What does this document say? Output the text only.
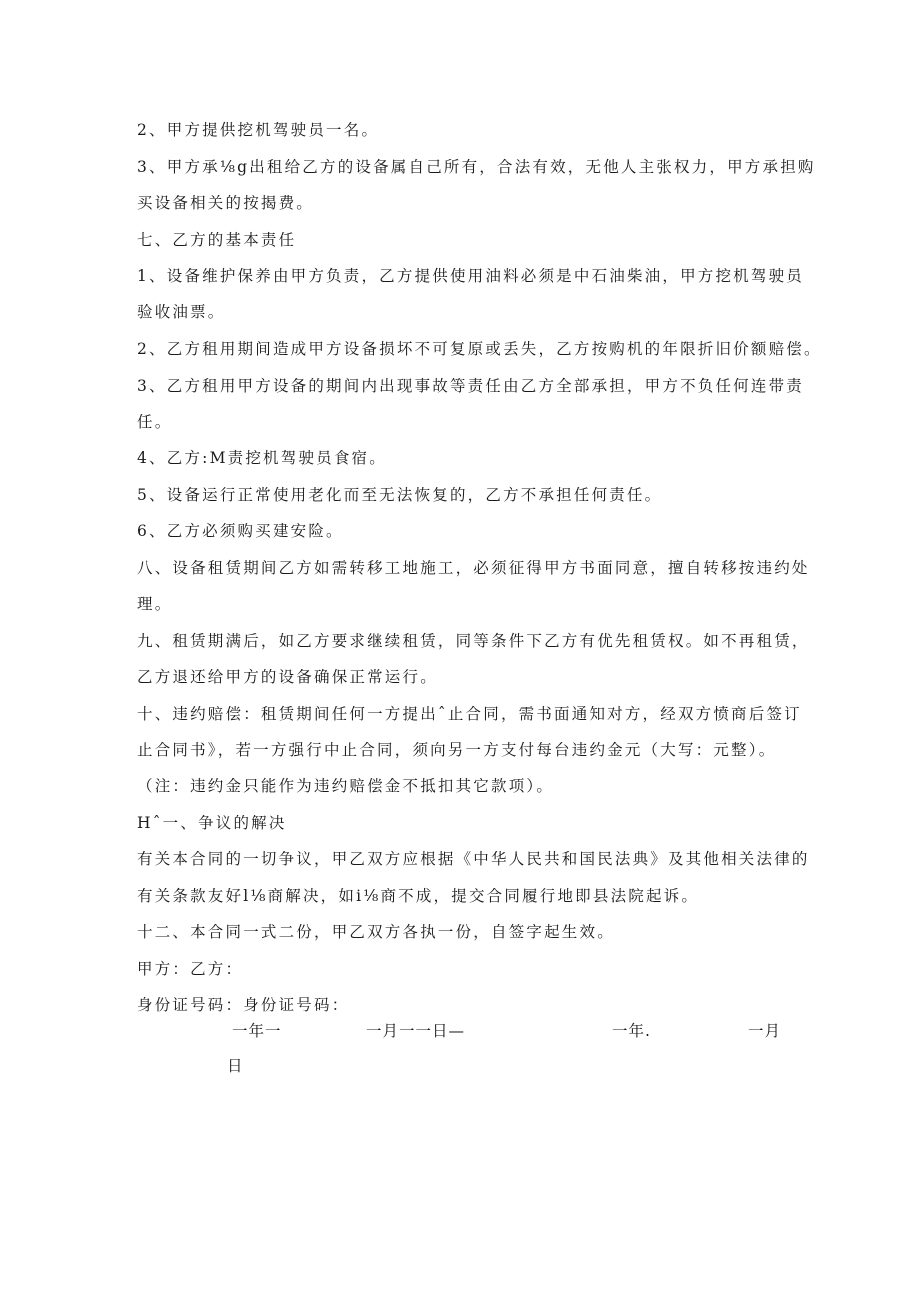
2、甲方提供挖机驾驶员一名。
3、甲方承⅛g出租给乙方的设备属自己所有，合法有效，无他人主张权力，甲方承担购
买设备相关的按揭费。
七、乙方的基本责任
1、设备维护保养由甲方负责，乙方提供使用油料必须是中石油柴油，甲方挖机驾驶员
验收油票。
2、乙方租用期间造成甲方设备损坏不可复原或丢失，乙方按购机的年限折旧价额赔偿。
3、乙方租用甲方设备的期间内出现事故等责任由乙方全部承担，甲方不负任何连带责
任。
4、乙方:M责挖机驾驶员食宿。
5、设备运行正常使用老化而至无法恢复的，乙方不承担任何责任。
6、乙方必须购买建安险。
八、设备租赁期间乙方如需转移工地施工，必须征得甲方书面同意，擅自转移按违约处
理。
九、租赁期满后，如乙方要求继续租赁，同等条件下乙方有优先租赁权。如不再租赁，
乙方退还给甲方的设备确保正常运行。
十、违约赔偿：租赁期间任何一方提出ˆ止合同，需书面通知对方，经双方愤商后签订
止合同书》，若一方强行中止合同，须向另一方支付每台违约金元（大写：元整）。
（注：违约金只能作为违约赔偿金不抵扣其它款项）。
Hˆ一、争议的解决
有关本合同的一切争议，甲乙双方应根据《中华人民共和国民法典》及其他相关法律的
有关条款友好l⅛商解决，如i⅛商不成，提交合同履行地即县法院起诉。
十二、本合同一式二份，甲乙双方各执一份，自签字起生效。
甲方：乙方：
身份证号码：身份证号码：
一年一	一月一一日—	一年.	一月
日
